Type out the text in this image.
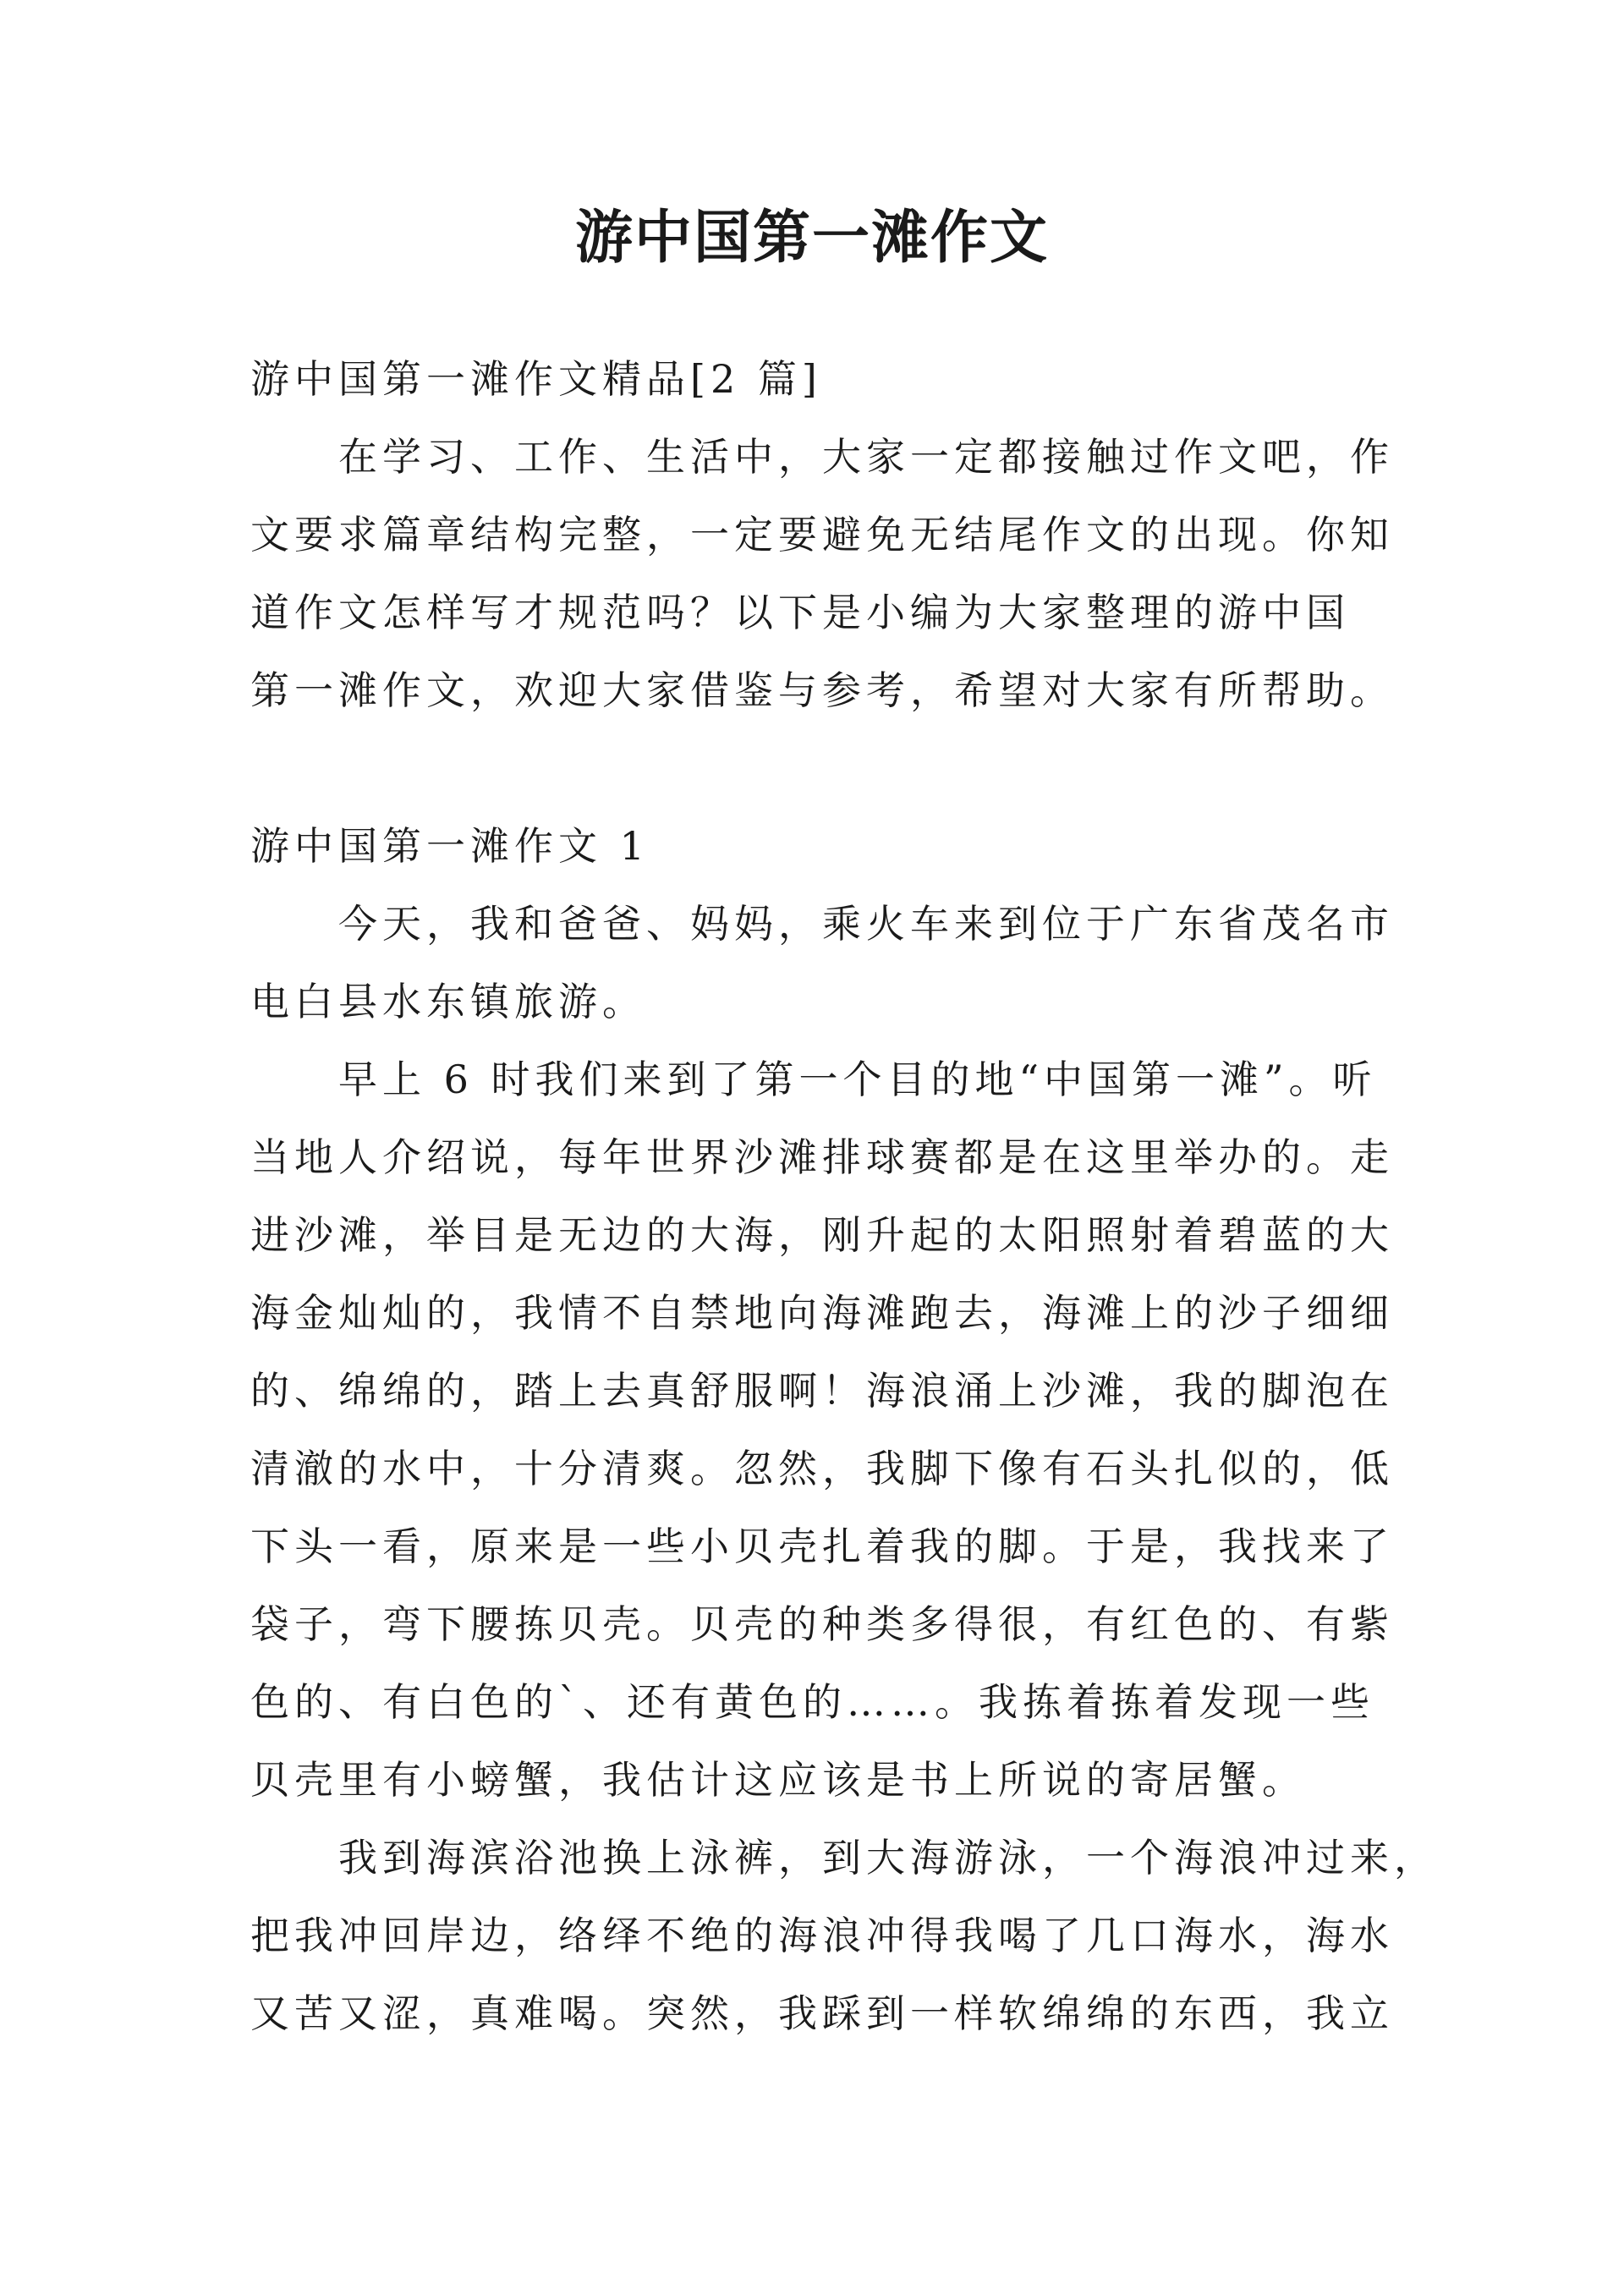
游中国第一滩作文
游中国第一滩作文精品[2 篇]
在学习、工作、生活中，大家一定都接触过作文吧，作
文要求篇章结构完整，一定要避免无结尾作文的出现。你知
道作文怎样写才规范吗？以下是小编为大家整理的游中国
第一滩作文，欢迎大家借鉴与参考，希望对大家有所帮助。
游中国第一滩作文 1
今天，我和爸爸、妈妈，乘火车来到位于广东省茂名市
电白县水东镇旅游。
早上 6 时我们来到了第一个目的地“中国第一滩”。听
当地人介绍说，每年世界沙滩排球赛都是在这里举办的。走
进沙滩，举目是无边的大海，刚升起的太阳照射着碧蓝的大
海金灿灿的，我情不自禁地向海滩跑去，海滩上的沙子细细
的、绵绵的，踏上去真舒服啊！海浪涌上沙滩，我的脚泡在
清澈的水中，十分清爽。忽然，我脚下像有石头扎似的，低
下头一看，原来是一些小贝壳扎着我的脚。于是，我找来了
袋子，弯下腰拣贝壳。贝壳的种类多得很，有红色的、有紫
色的、有白色的`、还有黄色的……。我拣着拣着发现一些
贝壳里有小螃蟹，我估计这应该是书上所说的寄居蟹。
我到海滨浴池换上泳裤，到大海游泳，一个海浪冲过来，
把我冲回岸边，络绎不绝的海浪冲得我喝了几口海水，海水
又苦又涩，真难喝。突然，我踩到一样软绵绵的东西，我立
